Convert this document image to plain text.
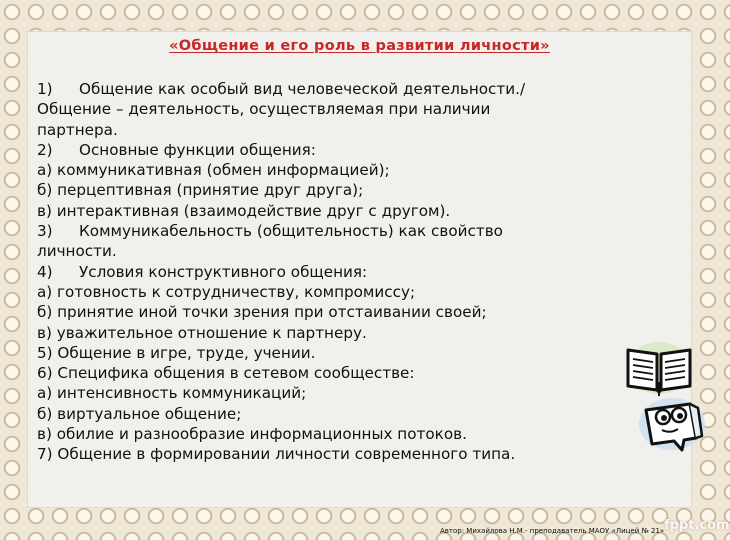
«Общение и его роль в развитии личности»
1) Общение как особый вид человеческой деятельности./
Общение – деятельность, осуществляемая при наличии
партнера.
2) Основные функции общения:
а) коммуникативная (обмен информацией);
б) перцептивная (принятие друг друга);
в) интерактивная (взаимодействие друг с другом).
3) Коммуникабельность (общительность) как свойство
личности.
4) Условия конструктивного общения:
а) готовность к сотрудничеству, компромиссу;
б) принятие иной точки зрения при отстаивании своей;
в) уважительное отношение к партнеру.
5) Общение в игре, труде, учении.
6) Специфика общения в сетевом сообществе:
а) интенсивность коммуникаций;
б) виртуальное общение;
в) обилие и разнообразие информационных потоков.
7) Общение в формировании личности современного типа.
Автор: Михайлова Н.М.- преподаватель МАОУ «Лицей № 21» fppt.com
